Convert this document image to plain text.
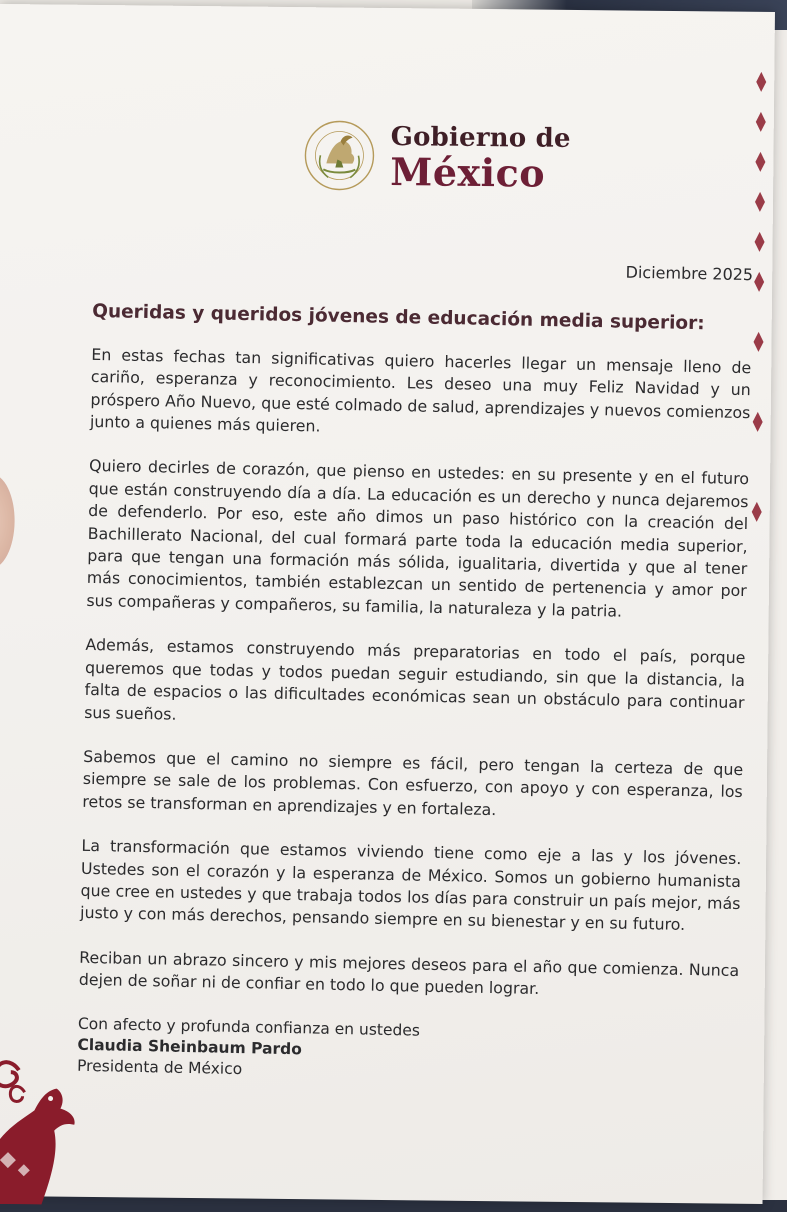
Gobierno de
México

Diciembre 2025

Queridas y queridos jóvenes de educación media superior:

En estas fechas tan significativas quiero hacerles llegar un mensaje lleno de cariño, esperanza y reconocimiento. Les deseo una muy Feliz Navidad y un próspero Año Nuevo, que esté colmado de salud, aprendizajes y nuevos comienzos junto a quienes más quieren.

Quiero decirles de corazón, que pienso en ustedes: en su presente y en el futuro que están construyendo día a día. La educación es un derecho y nunca dejaremos de defenderlo. Por eso, este año dimos un paso histórico con la creación del Bachillerato Nacional, del cual formará parte toda la educación media superior, para que tengan una formación más sólida, igualitaria, divertida y que al tener más conocimientos, también establezcan un sentido de pertenencia y amor por sus compañeras y compañeros, su familia, la naturaleza y la patria.

Además, estamos construyendo más preparatorias en todo el país, porque queremos que todas y todos puedan seguir estudiando, sin que la distancia, la falta de espacios o las dificultades económicas sean un obstáculo para continuar sus sueños.

Sabemos que el camino no siempre es fácil, pero tengan la certeza de que siempre se sale de los problemas. Con esfuerzo, con apoyo y con esperanza, los retos se transforman en aprendizajes y en fortaleza.

La transformación que estamos viviendo tiene como eje a las y los jóvenes. Ustedes son el corazón y la esperanza de México. Somos un gobierno humanista que cree en ustedes y que trabaja todos los días para construir un país mejor, más justo y con más derechos, pensando siempre en su bienestar y en su futuro.

Reciban un abrazo sincero y mis mejores deseos para el año que comienza. Nunca dejen de soñar ni de confiar en todo lo que pueden lograr.

Con afecto y profunda confianza en ustedes
Claudia Sheinbaum Pardo
Presidenta de México
